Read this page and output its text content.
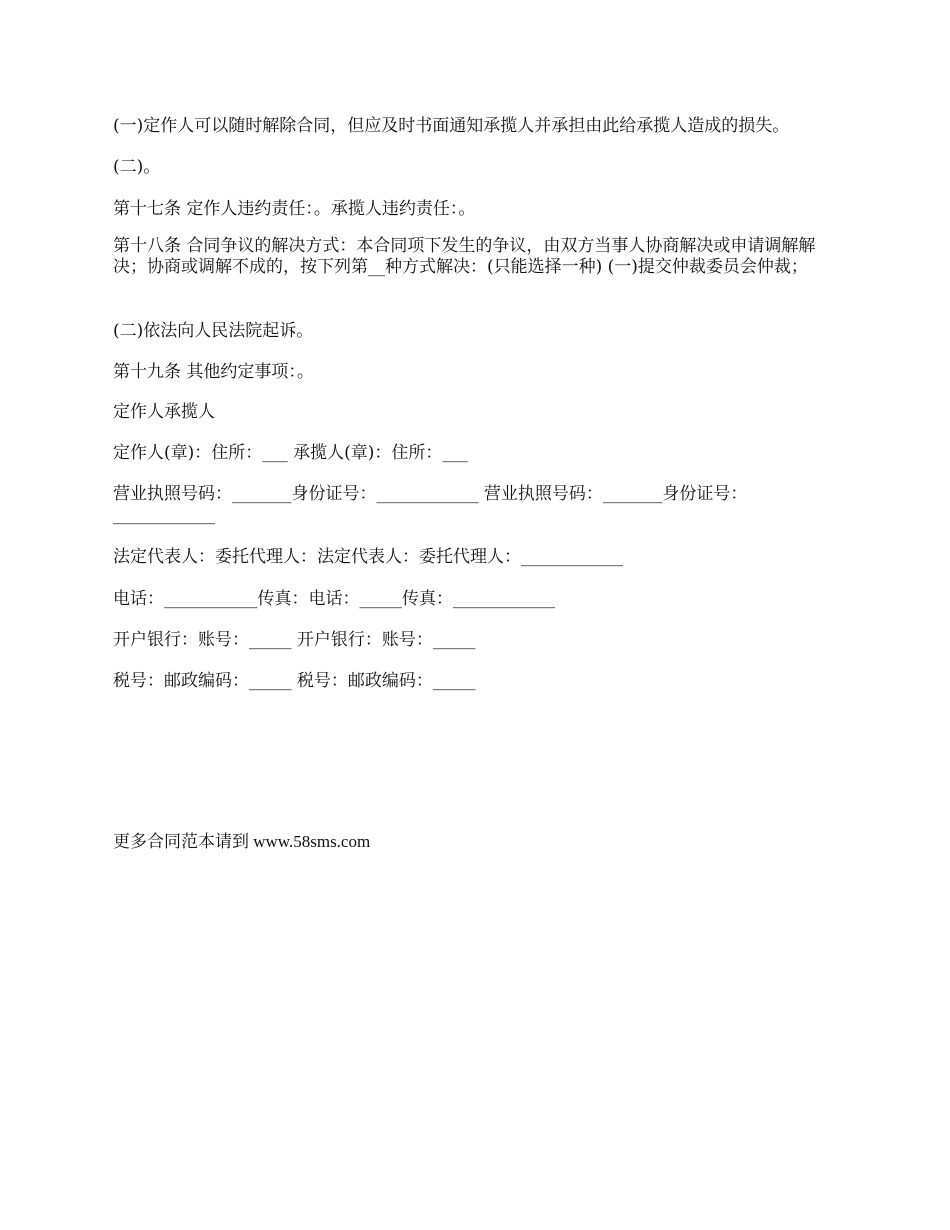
(一)定作人可以随时解除合同，但应及时书面通知承揽人并承担由此给承揽人造成的损失。

(二)。

第十七条 定作人违约责任：。承揽人违约责任：。

第十八条 合同争议的解决方式：本合同项下发生的争议，由双方当事人协商解决或申请调解解决；协商或调解不成的，按下列第__种方式解决：(只能选择一种) (一)提交仲裁委员会仲裁；

(二)依法向人民法院起诉。

第十九条 其他约定事项：。

定作人承揽人

定作人(章)：住所：___ 承揽人(章)：住所：___

营业执照号码：_______身份证号：____________ 营业执照号码：_______身份证号：____________

法定代表人：委托代理人：法定代表人：委托代理人：____________

电话：___________传真：电话：_____传真：____________

开户银行：账号：_____ 开户银行：账号：_____

税号：邮政编码：_____ 税号：邮政编码：_____

更多合同范本请到 www.58sms.com
